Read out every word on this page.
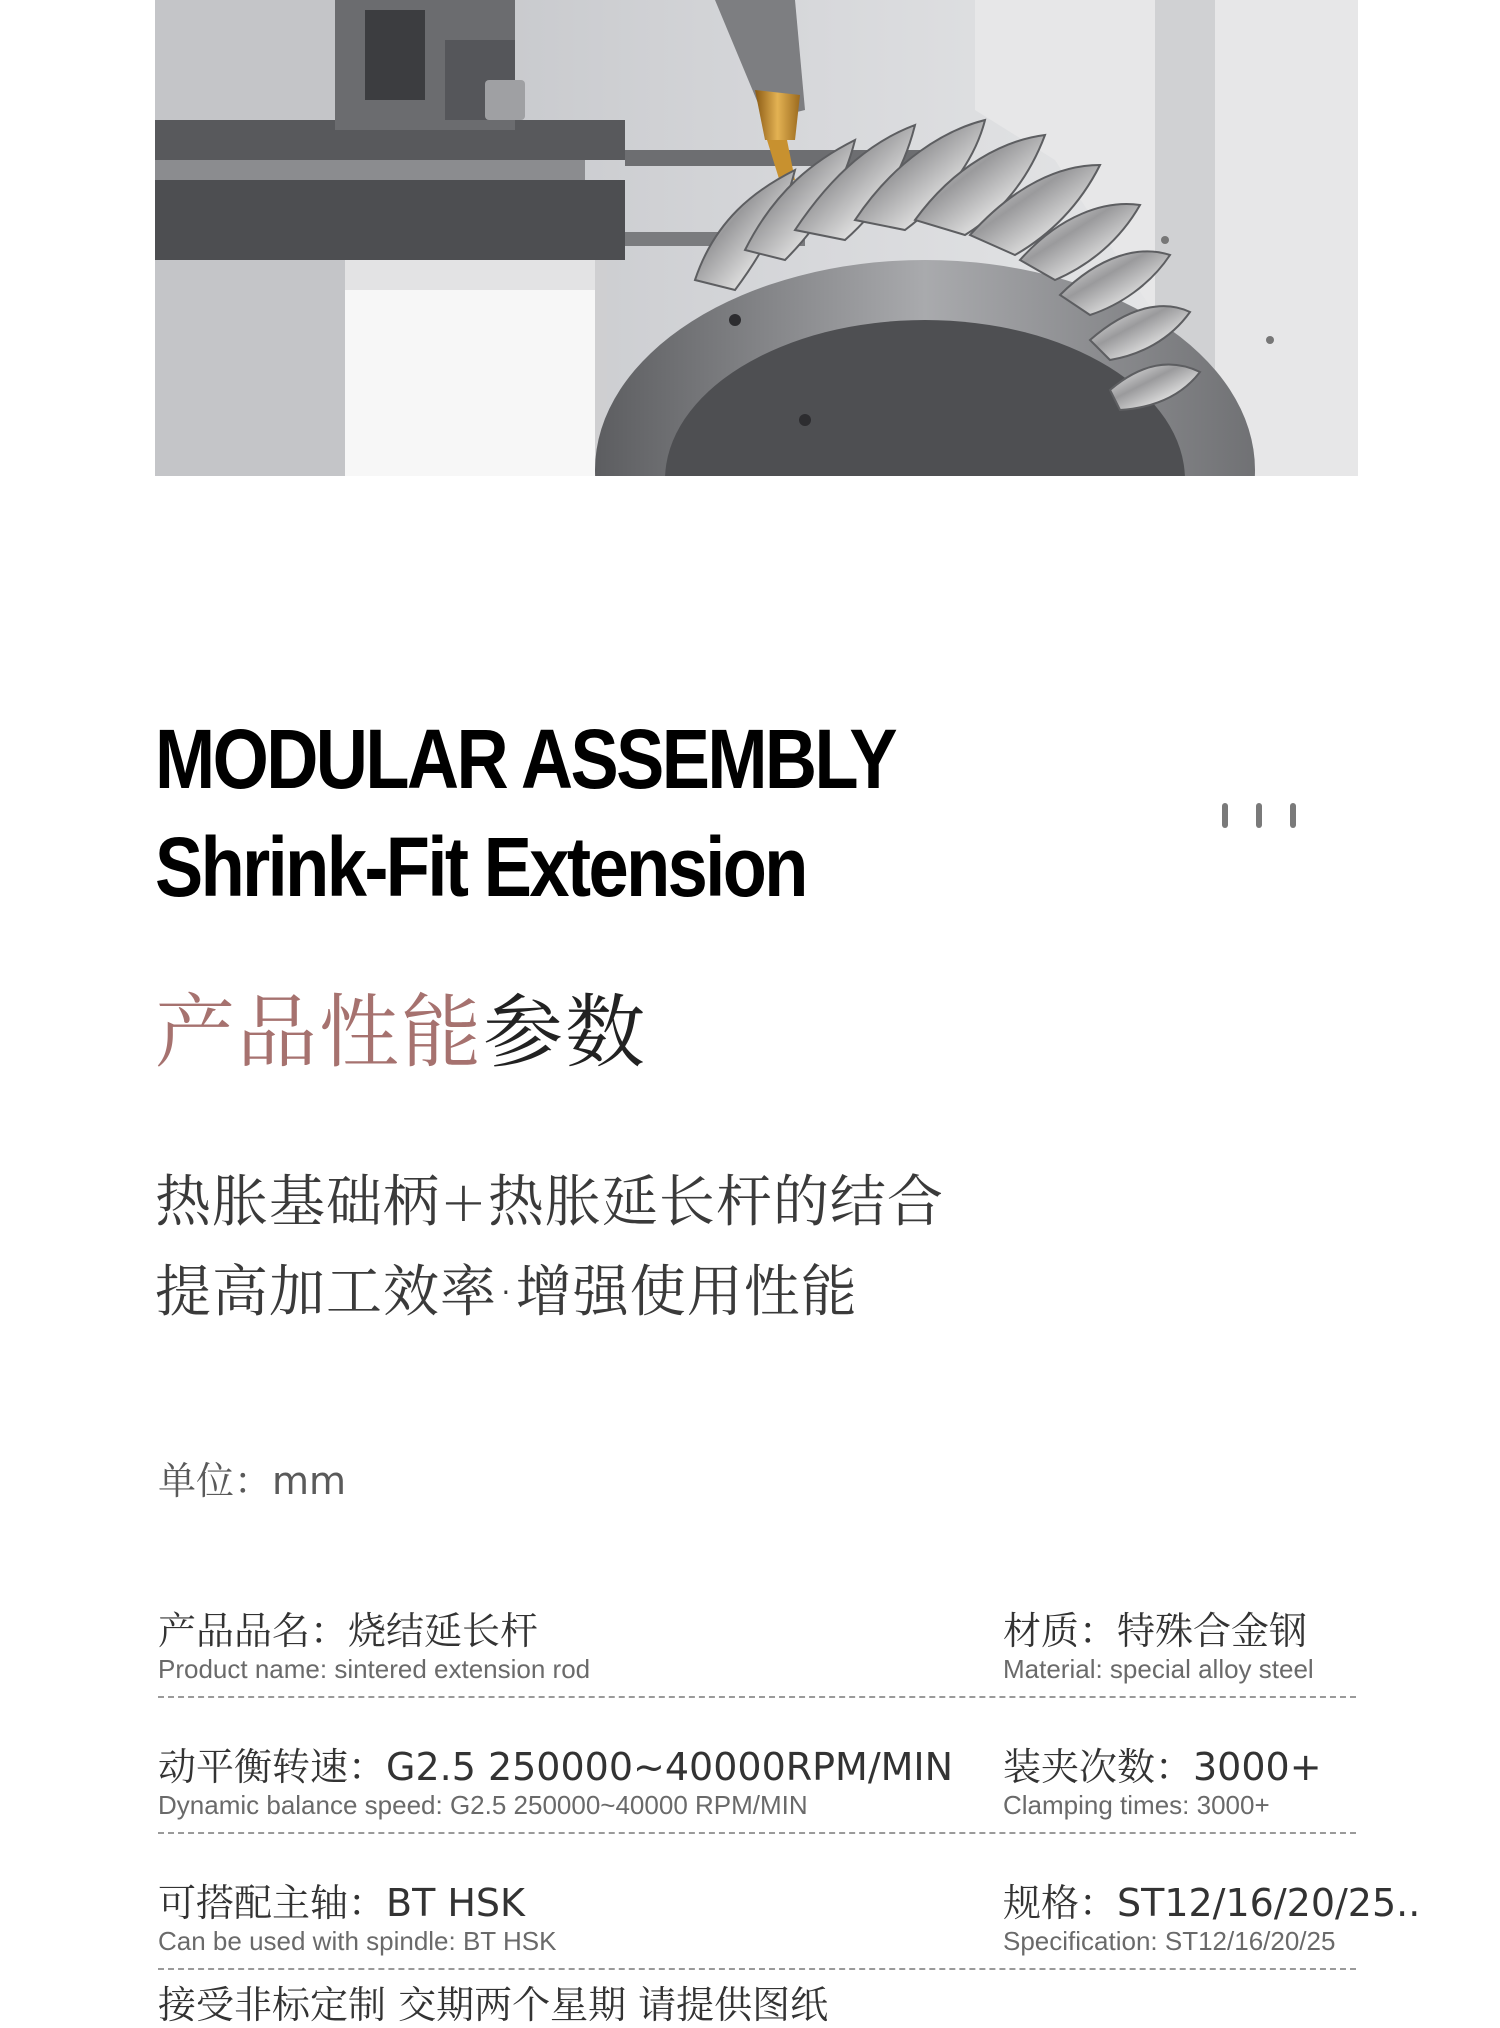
MODULAR ASSEMBLY
Shrink-Fit Extension
产品性能参数
热胀基础柄+热胀延长杆的结合
提高加工效率·增强使用性能
单位：mm
产品品名：烧结延长杆
Product name: sintered extension rod
材质：特殊合金钢
Material: special alloy steel
动平衡转速：G2.5 250000~40000RPM/MIN
Dynamic balance speed: G2.5 250000~40000 RPM/MIN
装夹次数：3000+
Clamping times: 3000+
可搭配主轴：BT HSK
Can be used with spindle: BT HSK
规格：ST12/16/20/25..
Specification: ST12/16/20/25
接受非标定制 交期两个星期 请提供图纸
